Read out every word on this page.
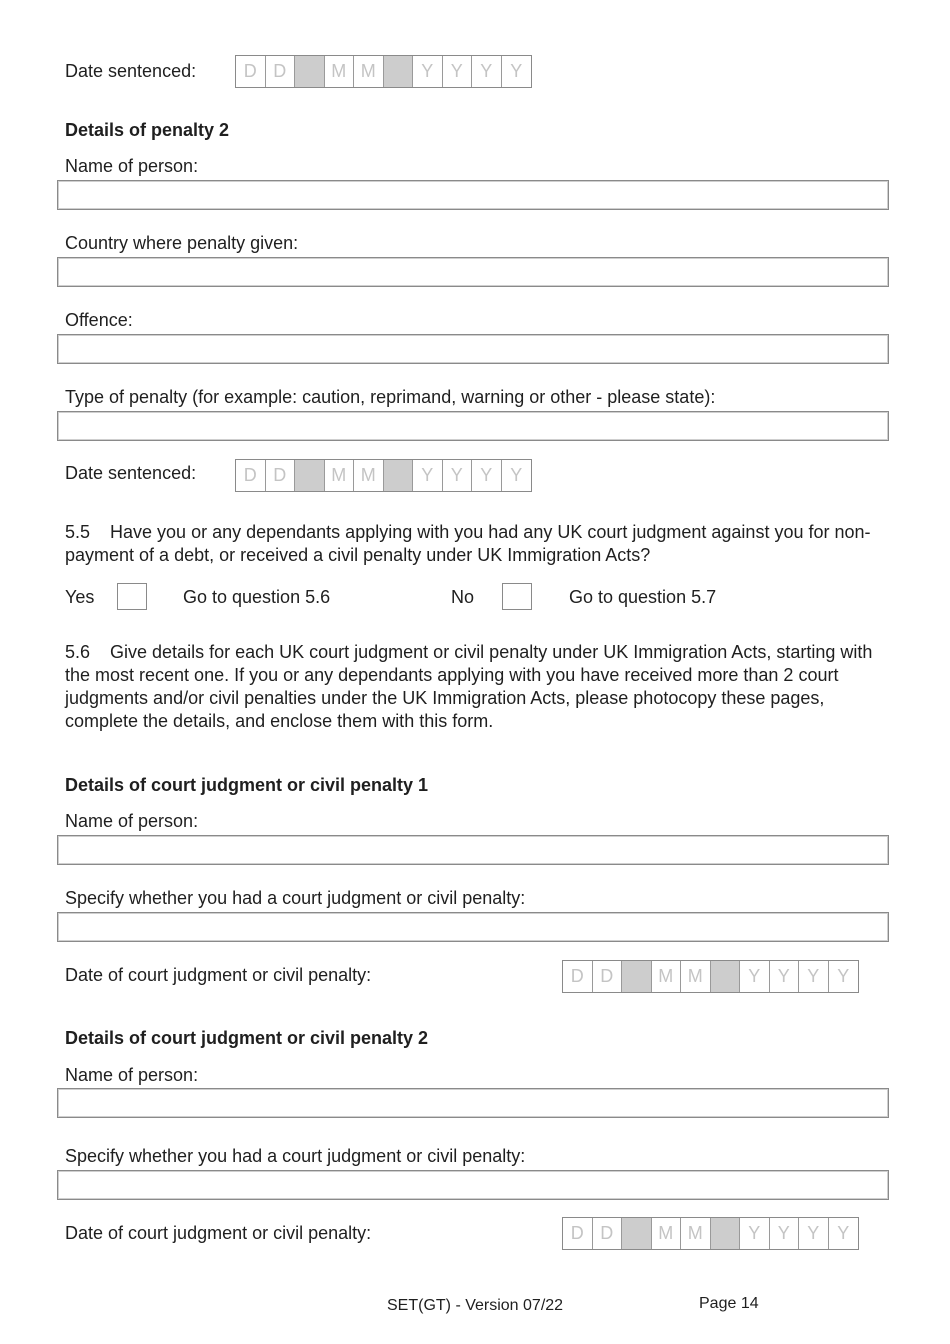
Date sentenced:	D D	M M	Y Y Y Y
Details of penalty 2
Name of person:
Country where penalty given:
Offence:
Type of penalty (for example: caution, reprimand, warning or other - please state):
Date sentenced:	D D	M M	Y Y Y Y
5.5    Have you or any dependants applying with you had any UK court judgment against you for non-payment of a debt, or received a civil penalty under UK Immigration Acts?
Yes	Go to question 5.6	No	Go to question 5.7
5.6    Give details for each UK court judgment or civil penalty under UK Immigration Acts, starting with the most recent one. If you or any dependants applying with you have received more than 2 court judgments and/or civil penalties under the UK Immigration Acts, please photocopy these pages, complete the details, and enclose them with this form.
Details of court judgment or civil penalty 1
Name of person:
Specify whether you had a court judgment or civil penalty:
Date of court judgment or civil penalty:	D D	M M	Y Y Y Y
Details of court judgment or civil penalty 2
Name of person:
Specify whether you had a court judgment or civil penalty:
Date of court judgment or civil penalty:	D D	M M	Y Y Y Y
SET(GT) - Version 07/22	Page 14
